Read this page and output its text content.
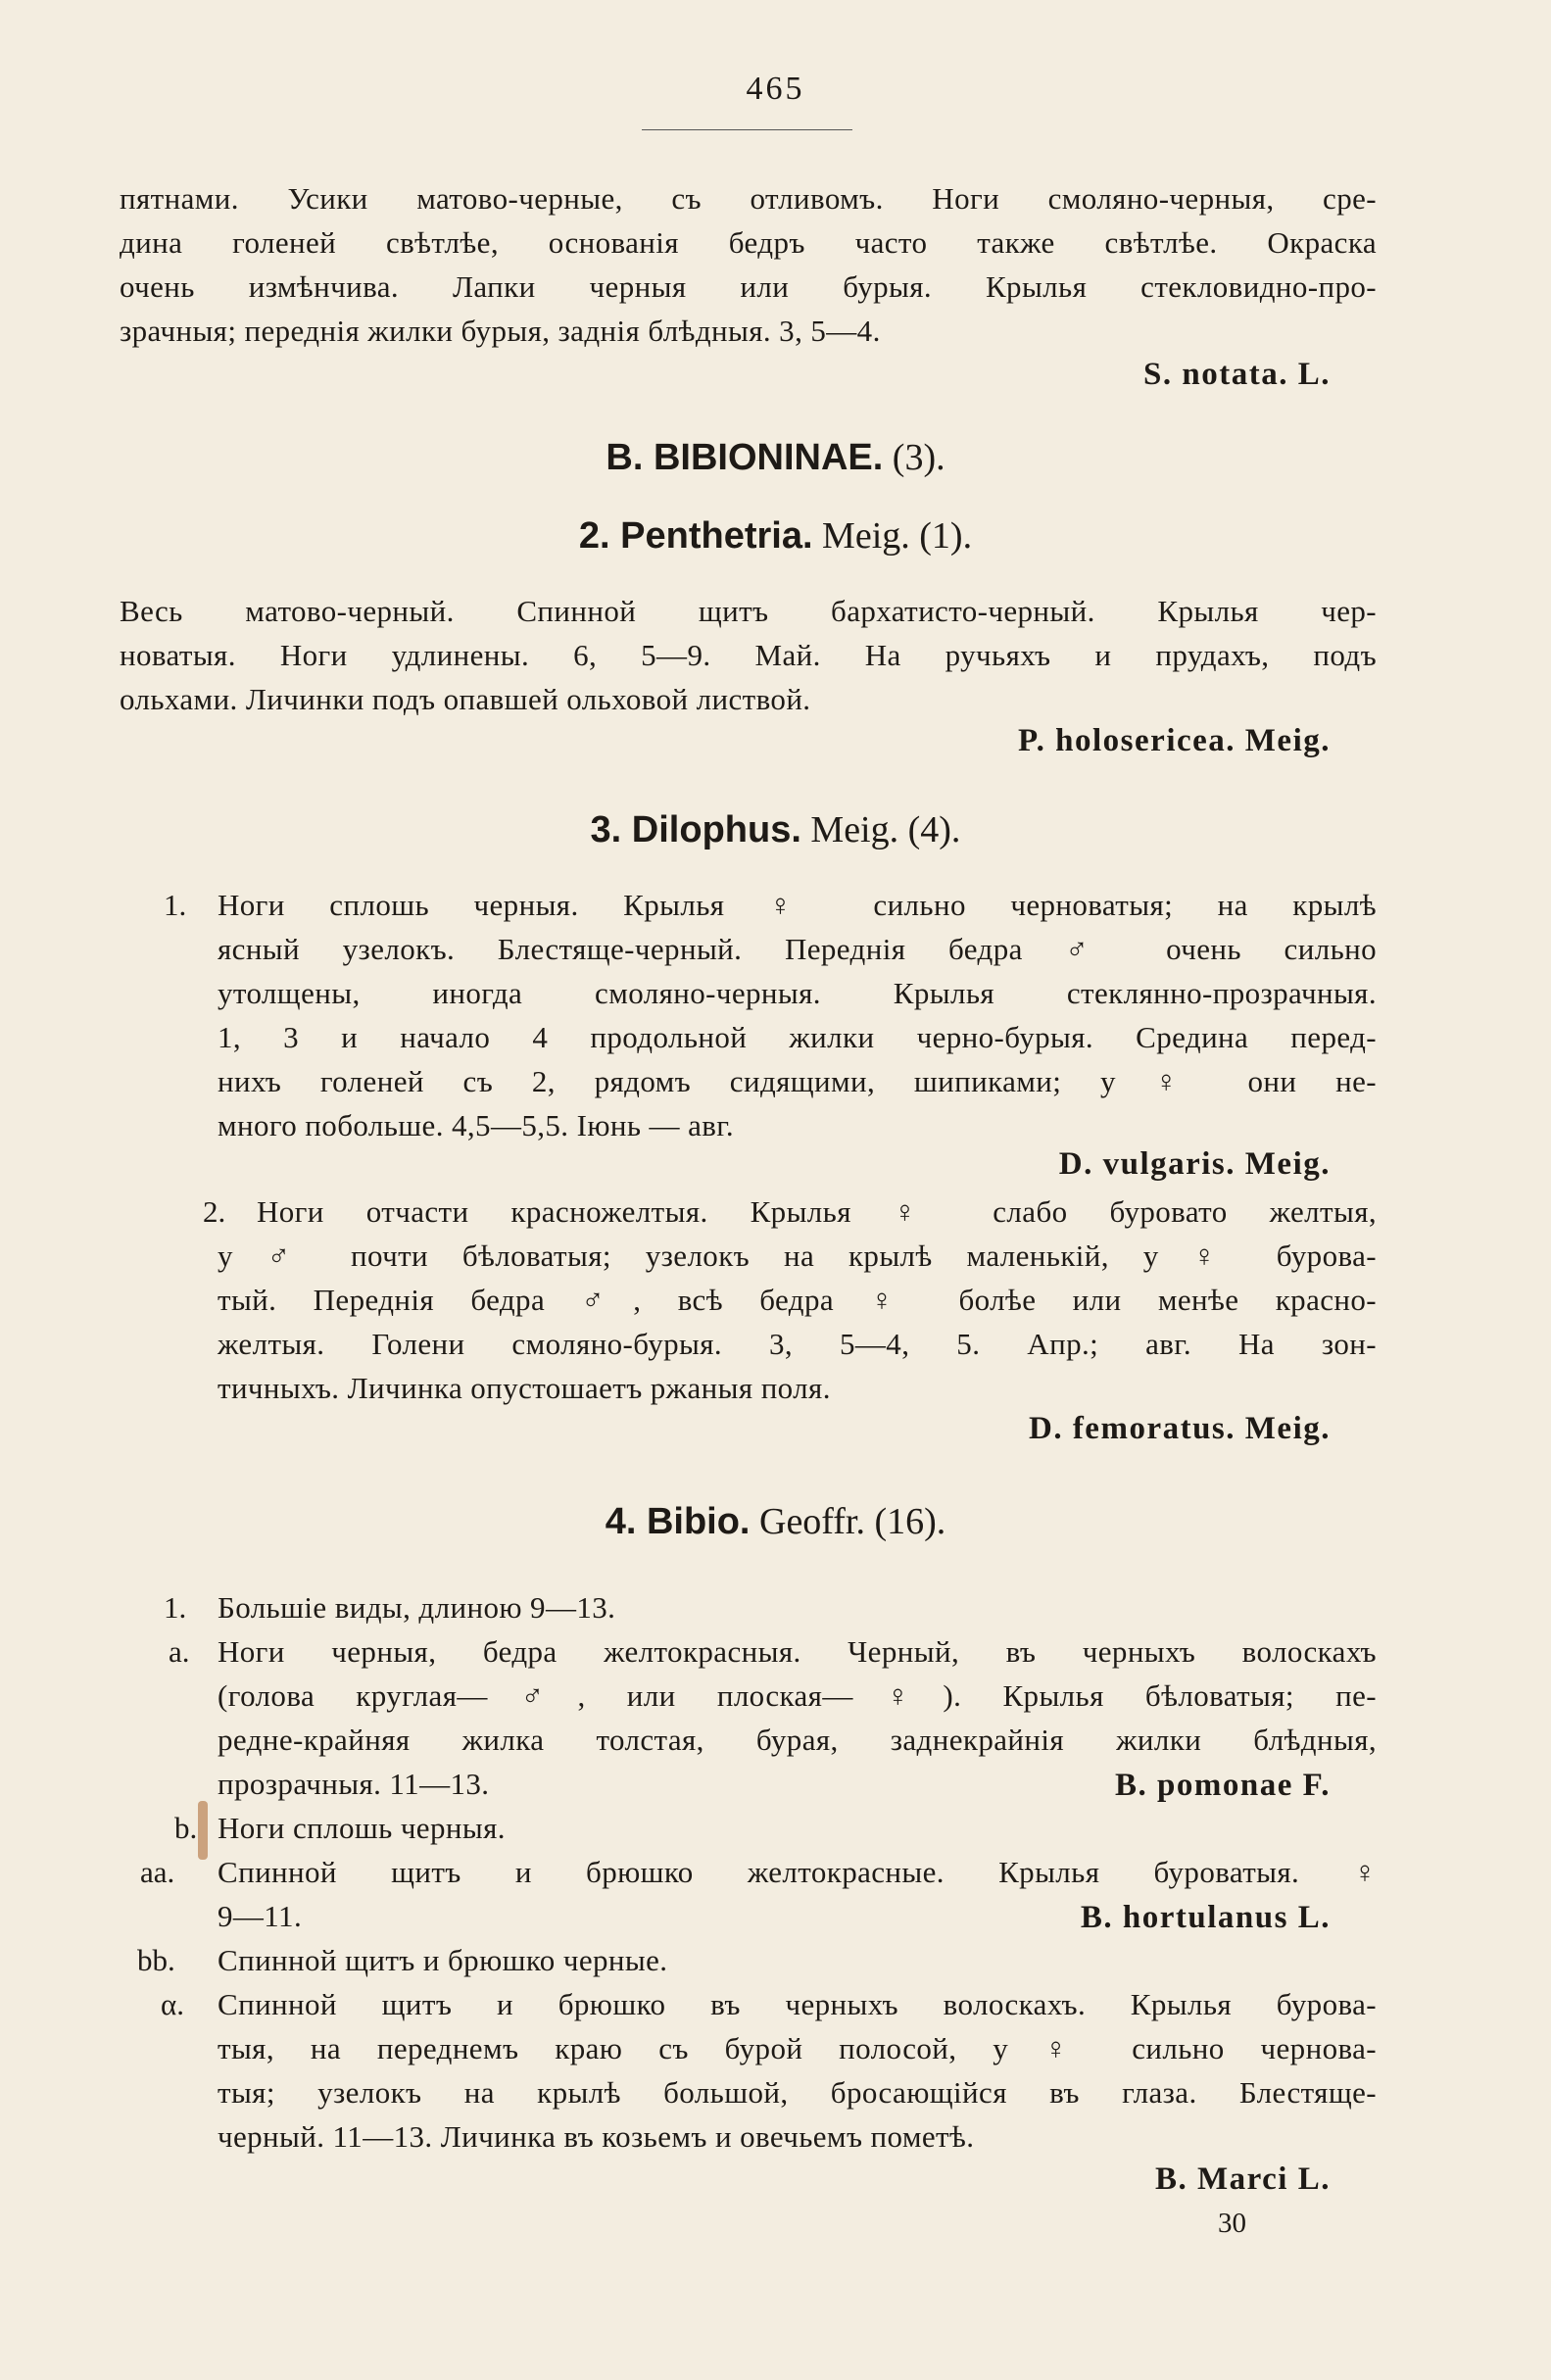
465
пятнами. Усики матово-черные, съ отливомъ. Ноги смоляно-черныя, сре-
дина голеней свѣтлѣе, основанія бедръ часто также свѣтлѣе. Окраска
очень измѣнчива. Лапки черныя или бурыя. Крылья стекловидно-про-
зрачныя; переднія жилки бурыя, заднія блѣдныя. 3, 5—4.
S. notata. L.
B. BIBIONINAE. (3).
2. Penthetria. Meig. (1).
Весь матово-черный. Спинной щитъ бархатисто-черный. Крылья чер-
новатыя. Ноги удлинены. 6, 5—9. Май. На ручьяхъ и прудахъ, подъ
ольхами. Личинки подъ опавшей ольховой листвой.
P. holosericea. Meig.
3. Dilophus. Meig. (4).
1. Ноги сплошь черныя. Крылья ♀ сильно черноватыя; на крылѣ
ясный узелокъ. Блестяще-черный. Переднія бедра ♂ очень сильно
утолщены, иногда смоляно-черныя. Крылья стеклянно-прозрачныя.
1, 3 и начало 4 продольной жилки черно-бурыя. Средина перед-
нихъ голеней съ 2, рядомъ сидящими, шипиками; у ♀ они не-
много побольше. 4,5—5,5. Іюнь — авг.
D. vulgaris. Meig.
2. Ноги отчасти красножелтыя. Крылья ♀ слабо буровато желтыя,
у ♂ почти бѣловатыя; узелокъ на крылѣ маленькій, у ♀ бурова-
тый. Переднія бедра ♂, всѣ бедра ♀ болѣе или менѣе красно-
желтыя. Голени смоляно-бурыя. 3, 5—4, 5. Апр.; авг. На зон-
тичныхъ. Личинка опустошаетъ ржаныя поля.
D. femoratus. Meig.
4. Bibio. Geoffr. (16).
1. Большіе виды, длиною 9—13.
a. Ноги черныя, бедра желтокрасныя. Черный, въ черныхъ волоскахъ
(голова круглая—♂, или плоская—♀). Крылья бѣловатыя; пе-
редне-крайняя жилка толстая, бурая, заднекрайнія жилки блѣдныя,
прозрачныя. 11—13.	B. pomonae F.
b. Ноги сплошь черныя.
aa. Спинной щитъ и брюшко желтокрасные. Крылья буроватыя. ♀
9—11.	B. hortulanus L.
bb. Спинной щитъ и брюшко черные.
α. Спинной щитъ и брюшко въ черныхъ волоскахъ. Крылья бурова-
тыя, на переднемъ краю съ бурой полосой, у ♀ сильно чернова-
тыя; узелокъ на крылѣ большой, бросающійся въ глаза. Блестяще-
черный. 11—13. Личинка въ козьемъ и овечьемъ пометѣ.
B. Marci L.
30
